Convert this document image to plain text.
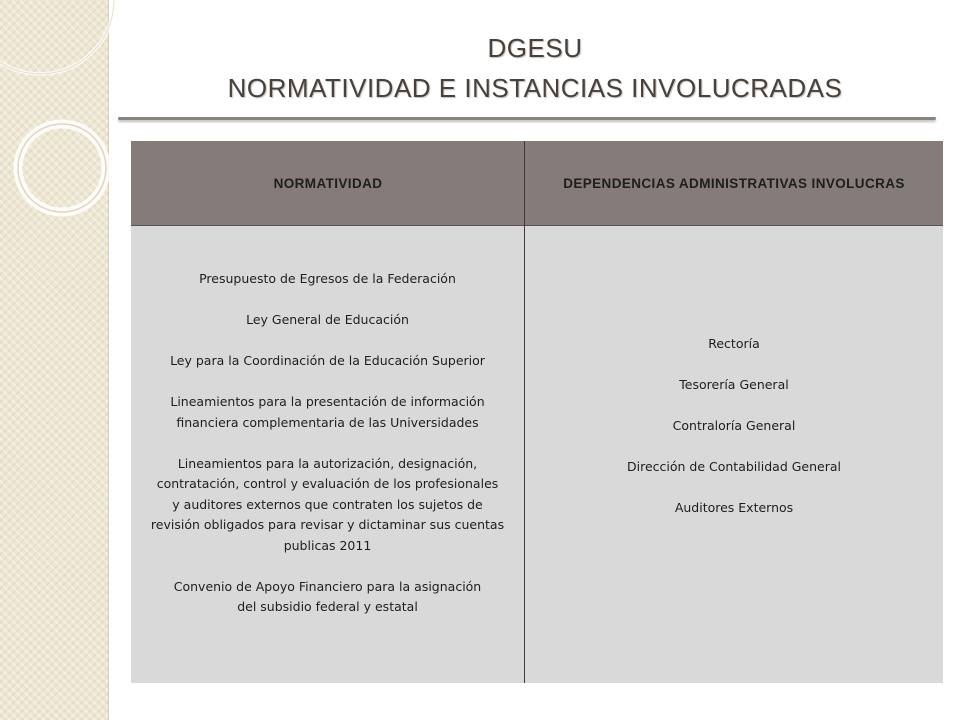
DGESU
NORMATIVIDAD E INSTANCIAS INVOLUCRADAS
NORMATIVIDAD	DEPENDENCIAS ADMINISTRATIVAS INVOLUCRAS
Presupuesto de Egresos de la Federación
Ley General de Educación
Ley para la Coordinación de la Educación Superior
Lineamientos para la presentación de información
financiera complementaria de las Universidades
Lineamientos para la autorización, designación,
contratación, control y evaluación de los profesionales
y auditores externos que contraten los sujetos de
revisión obligados para revisar y dictaminar sus cuentas
publicas 2011
Convenio de Apoyo Financiero para la asignación
del subsidio federal y estatal
Rectoría
Tesorería General
Contraloría General
Dirección de Contabilidad General
Auditores Externos
